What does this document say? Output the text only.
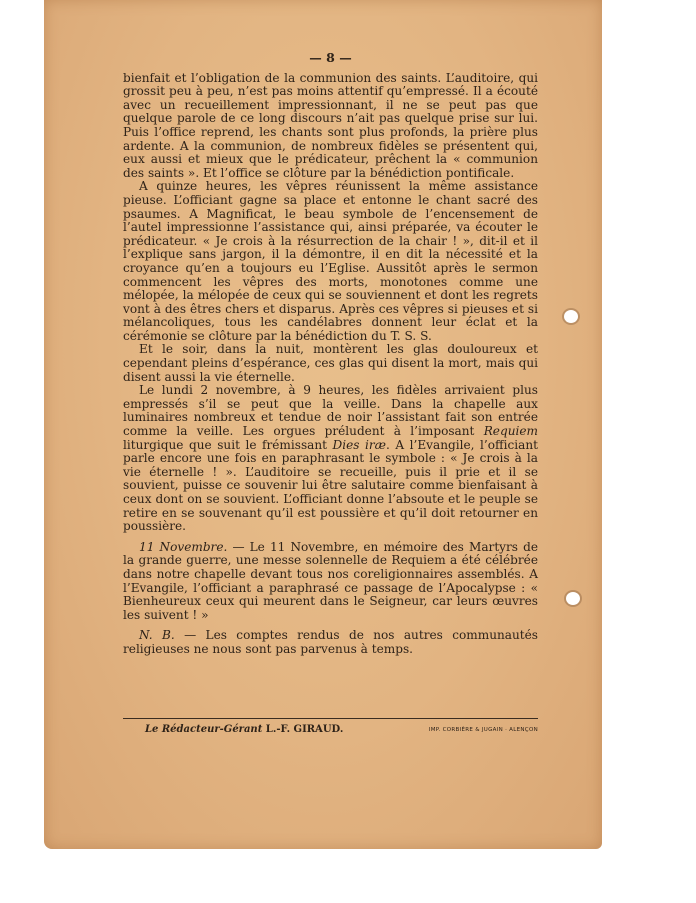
— 8 —

bienfait et l’obligation de la communion des saints. L’auditoire, qui grossit peu à peu, n’est pas moins attentif qu’empressé. Il a écouté avec un recueillement impressionnant, il ne se peut pas que quelque parole de ce long discours n’ait pas quelque prise sur lui. Puis l’office reprend, les chants sont plus profonds, la prière plus ardente. A la communion, de nombreux fidèles se présentent qui, eux aussi et mieux que le prédicateur, prêchent la « communion des saints ». Et l’office se clôture par la bénédiction pontificale.

A quinze heures, les vêpres réunissent la même assistance pieuse. L’officiant gagne sa place et entonne le chant sacré des psaumes. A Magnificat, le beau symbole de l’encensement de l’autel impressionne l’assistance qui, ainsi préparée, va écouter le prédicateur. « Je crois à la résurrection de la chair ! », dit-il et il l’explique sans jargon, il la démontre, il en dit la nécessité et la croyance qu’en a toujours eu l’Eglise. Aussitôt après le sermon commencent les vêpres des morts, monotones comme une mélopée, la mélopée de ceux qui se souviennent et dont les regrets vont à des êtres chers et disparus. Après ces vêpres si pieuses et si mélancoliques, tous les candélabres donnent leur éclat et la cérémonie se clôture par la bénédiction du T. S. S.

Et le soir, dans la nuit, montèrent les glas douloureux et cependant pleins d’espérance, ces glas qui disent la mort, mais qui disent aussi la vie éternelle.

Le lundi 2 novembre, à 9 heures, les fidèles arrivaient plus empressés s’il se peut que la veille. Dans la chapelle aux luminaires nombreux et tendue de noir l’assistant fait son entrée comme la veille. Les orgues préludent à l’imposant Requiem liturgique que suit le frémissant Dies iræ. A l’Evangile, l’officiant parle encore une fois en paraphrasant le symbole : « Je crois à la vie éternelle ! ». L’auditoire se recueille, puis il prie et il se souvient, puisse ce souvenir lui être salutaire comme bienfaisant à ceux dont on se souvient. L’officiant donne l’absoute et le peuple se retire en se souvenant qu’il est poussière et qu’il doit retourner en poussière.

11 Novembre. — Le 11 Novembre, en mémoire des Martyrs de la grande guerre, une messe solennelle de Requiem a été célébrée dans notre chapelle devant tous nos coreligionnaires assemblés. A l’Evangile, l’officiant a paraphrasé ce passage de l’Apocalypse : « Bienheureux ceux qui meurent dans le Seigneur, car leurs œuvres les suivent ! »

N. B. — Les comptes rendus de nos autres communautés religieuses ne nous sont pas parvenus à temps.

Le Rédacteur-Gérant L.-F. GIRAUD.	IMP. CORBIÈRE & JUGAIN · ALENÇON
